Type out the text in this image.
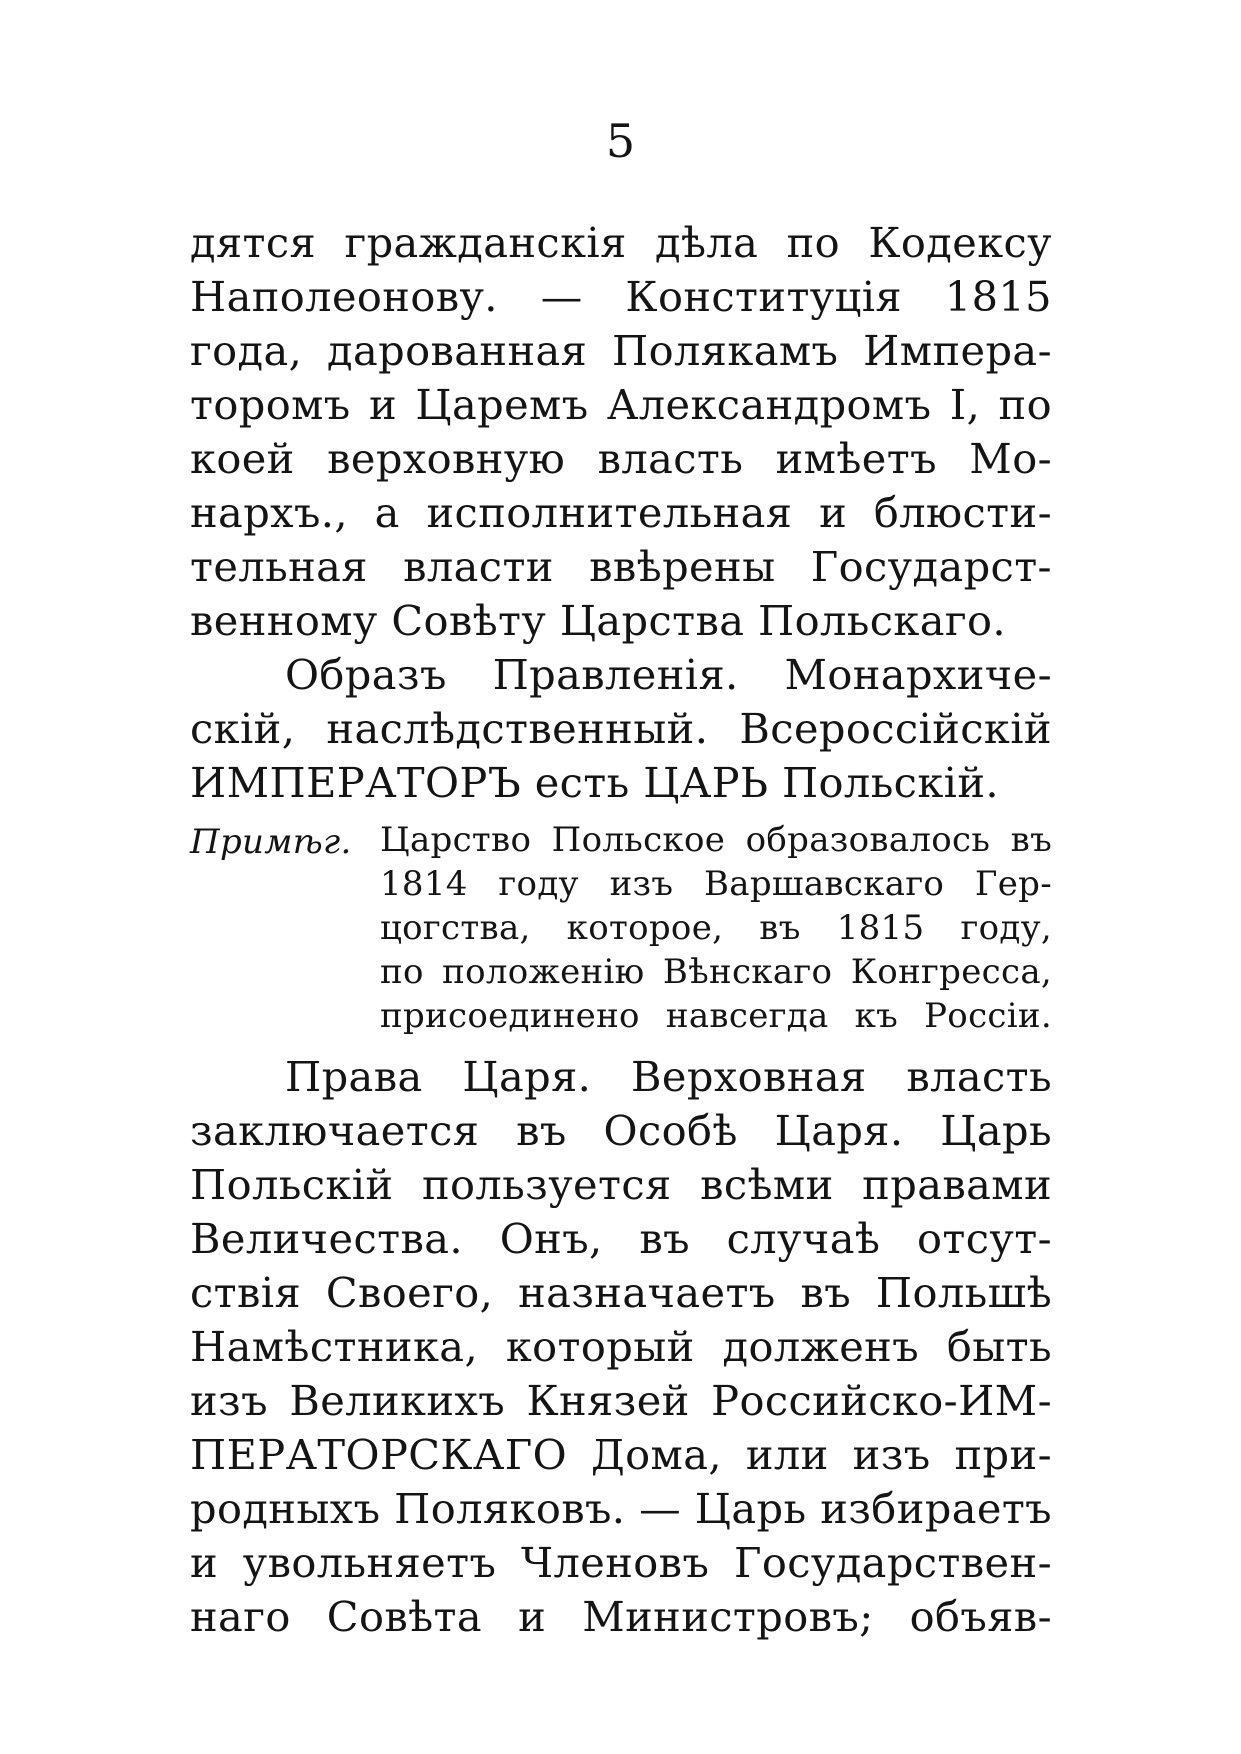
5
дятся гражданскія дѣла по Кодексу
Наполеонову. — Конституція 1815
года, дарованная Полякамъ Импера-
торомъ и Царемъ Александромъ I, по
коей верховную власть имѣетъ Мо-
нархъ., а исполнительная и блюсти-
тельная власти ввѣрены Государст-
венному Совѣту Царства Польскаго.
Образъ Правленія. Монархиче-
скій, наслѣдственный. Всероссійскій
ИМПЕРАТОРЪ есть ЦАРЬ Польскій.
Примѣг. Царство Польское образовалось въ
1814 году изъ Варшавскаго Гер-
цогства, которое, въ 1815 году,
по положенію Вѣнскаго Конгресса,
присоединено навсегда къ Россіи.
Права Царя. Верховная власть
заключается въ Особѣ Царя. Царь
Польскій пользуется всѣми правами
Величества. Онъ, въ случаѣ отсут-
ствія Своего, назначаетъ въ Польшѣ
Намѣстника, который долженъ быть
изъ Великихъ Князей Российско-ИМ-
ПЕРАТОРСКАГО Дома, или изъ при-
родныхъ Поляковъ. — Царь избираетъ
и увольняетъ Членовъ Государствен-
наго Совѣта и Министровъ; объяв-
